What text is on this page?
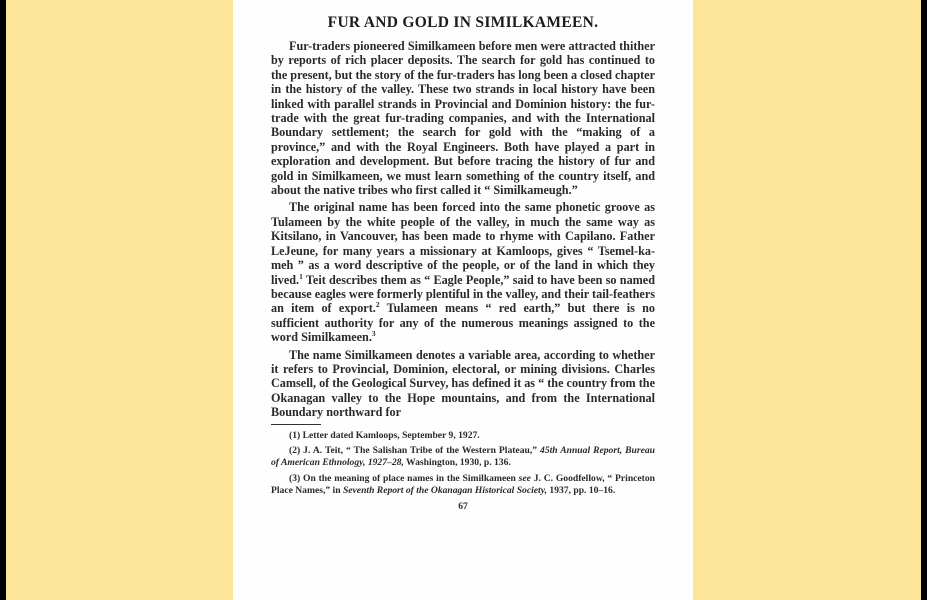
FUR AND GOLD IN SIMILKAMEEN.

Fur-traders pioneered Similkameen before men were attracted thither by reports of rich placer deposits. The search for gold has continued to the present, but the story of the fur-traders has long been a closed chapter in the history of the valley. These two strands in local history have been linked with parallel strands in Provincial and Dominion history: the fur-trade with the great fur-trading companies, and with the International Boundary settlement; the search for gold with the “making of a province,” and with the Royal Engineers. Both have played a part in exploration and development. But before tracing the history of fur and gold in Similkameen, we must learn something of the country itself, and about the native tribes who first called it “ Similkameugh.”

The original name has been forced into the same phonetic groove as Tulameen by the white people of the valley, in much the same way as Kitsilano, in Vancouver, has been made to rhyme with Capilano. Father LeJeune, for many years a missionary at Kamloops, gives “ Tsemel-ka-meh ” as a word descriptive of the people, or of the land in which they lived.$^1$ Teit describes them as “ Eagle People,” said to have been so named because eagles were formerly plentiful in the valley, and their tail-feathers an item of export.$^2$ Tulameen means “ red earth,” but there is no sufficient authority for any of the numerous meanings assigned to the word Similkameen.$^3$

The name Similkameen denotes a variable area, according to whether it refers to Provincial, Dominion, electoral, or mining divisions. Charles Camsell, of the Geological Survey, has defined it as “ the country from the Okanagan valley to the Hope mountains, and from the International Boundary northward for

(1) Letter dated Kamloops, September 9, 1927.

(2) J. A. Teit, “ The Salishan Tribe of the Western Plateau,” 45th Annual Report, Bureau of American Ethnology, 1927–28, Washington, 1930, p. 136.

(3) On the meaning of place names in the Similkameen see J. C. Goodfellow, “ Princeton Place Names,” in Seventh Report of the Okanagan Historical Society, 1937, pp. 10–16.

67
